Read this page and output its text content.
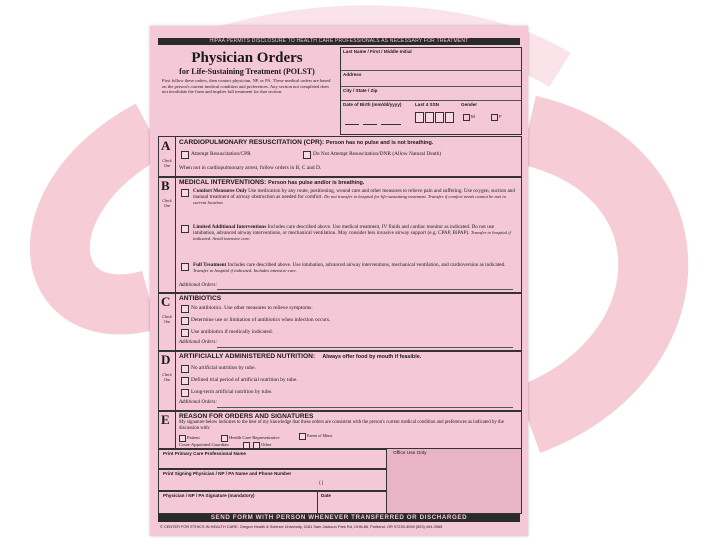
HIPAA PERMITS DISCLOSURE TO HEALTH CARE PROFESSIONALS AS NECESSARY FOR TREATMENT
Physician Orders
for Life-Sustaining Treatment (POLST)
First follow these orders, then contact physician, NP, or PA. These medical orders are based on the person's current medical condition and preferences. Any section not completed does not invalidate the form and implies full treatment for that section.
Last Name / First / Middle Initial
Address
City / State / Zip
Date of Birth (mm/dd/yyyy)	Last 4 SSN	Gender
M	F
A
Check One
CARDIOPULMONARY RESUSCITATION (CPR): Person has no pulse and is not breathing.
Attempt Resuscitation/CPR	Do Not Attempt Resuscitation/DNR (Allow Natural Death)
When not in cardiopulmonary arrest, follow orders in B, C and D.
B
Check One
MEDICAL INTERVENTIONS: Person has pulse and/or is breathing.
Comfort Measures Only Use medication by any route, positioning, wound care and other measures to relieve pain and suffering. Use oxygen, suction and manual treatment of airway obstruction as needed for comfort. Do not transfer to hospital for life-sustaining treatment. Transfer if comfort needs cannot be met in current location.
Limited Additional Interventions Includes care described above. Use medical treatment, IV fluids and cardiac monitor as indicated. Do not use intubation, advanced airway interventions, or mechanical ventilation. May consider less invasive airway support (e.g. CPAP, BiPAP). Transfer to hospital if indicated. Avoid intensive care.
Full Treatment Includes care described above. Use intubation, advanced airway interventions, mechanical ventilation, and cardioversion as indicated. Transfer to hospital if indicated. Includes intensive care.
Additional Orders:
C
Check One
ANTIBIOTICS
No antibiotics. Use other measures to relieve symptoms.
Determine use or limitation of antibiotics when infection occurs.
Use antibiotics if medically indicated.
Additional Orders:
D
Check One
ARTIFICIALLY ADMINISTERED NUTRITION: Always offer food by mouth if feasible.
No artificial nutrition by tube.
Defined trial period of artificial nutrition by tube.
Long-term artificial nutrition by tube.
Additional Orders:
E REASON FOR ORDERS AND SIGNATURES
My signature below indicates to the best of my knowledge that these orders are consistent with the person's current medical condition and preferences as indicated by the discussion with:
Patient	Health Care Representative	Parent of Minor
Court-Appointed Guardian	Other
Print Primary Care Professional Name
Print Signing Physician / NP / PA Name and Phone Number
( )
Physician / NP / PA Signature (mandatory)	Date
Office Use Only
SEND FORM WITH PERSON WHENEVER TRANSFERRED OR DISCHARGED
© CENTER FOR ETHICS IN HEALTH CARE, Oregon Health & Science University, 3181 Sam Jackson Park Rd, UHN-86, Portland, OR 97239-3098 (503) 494-3965
